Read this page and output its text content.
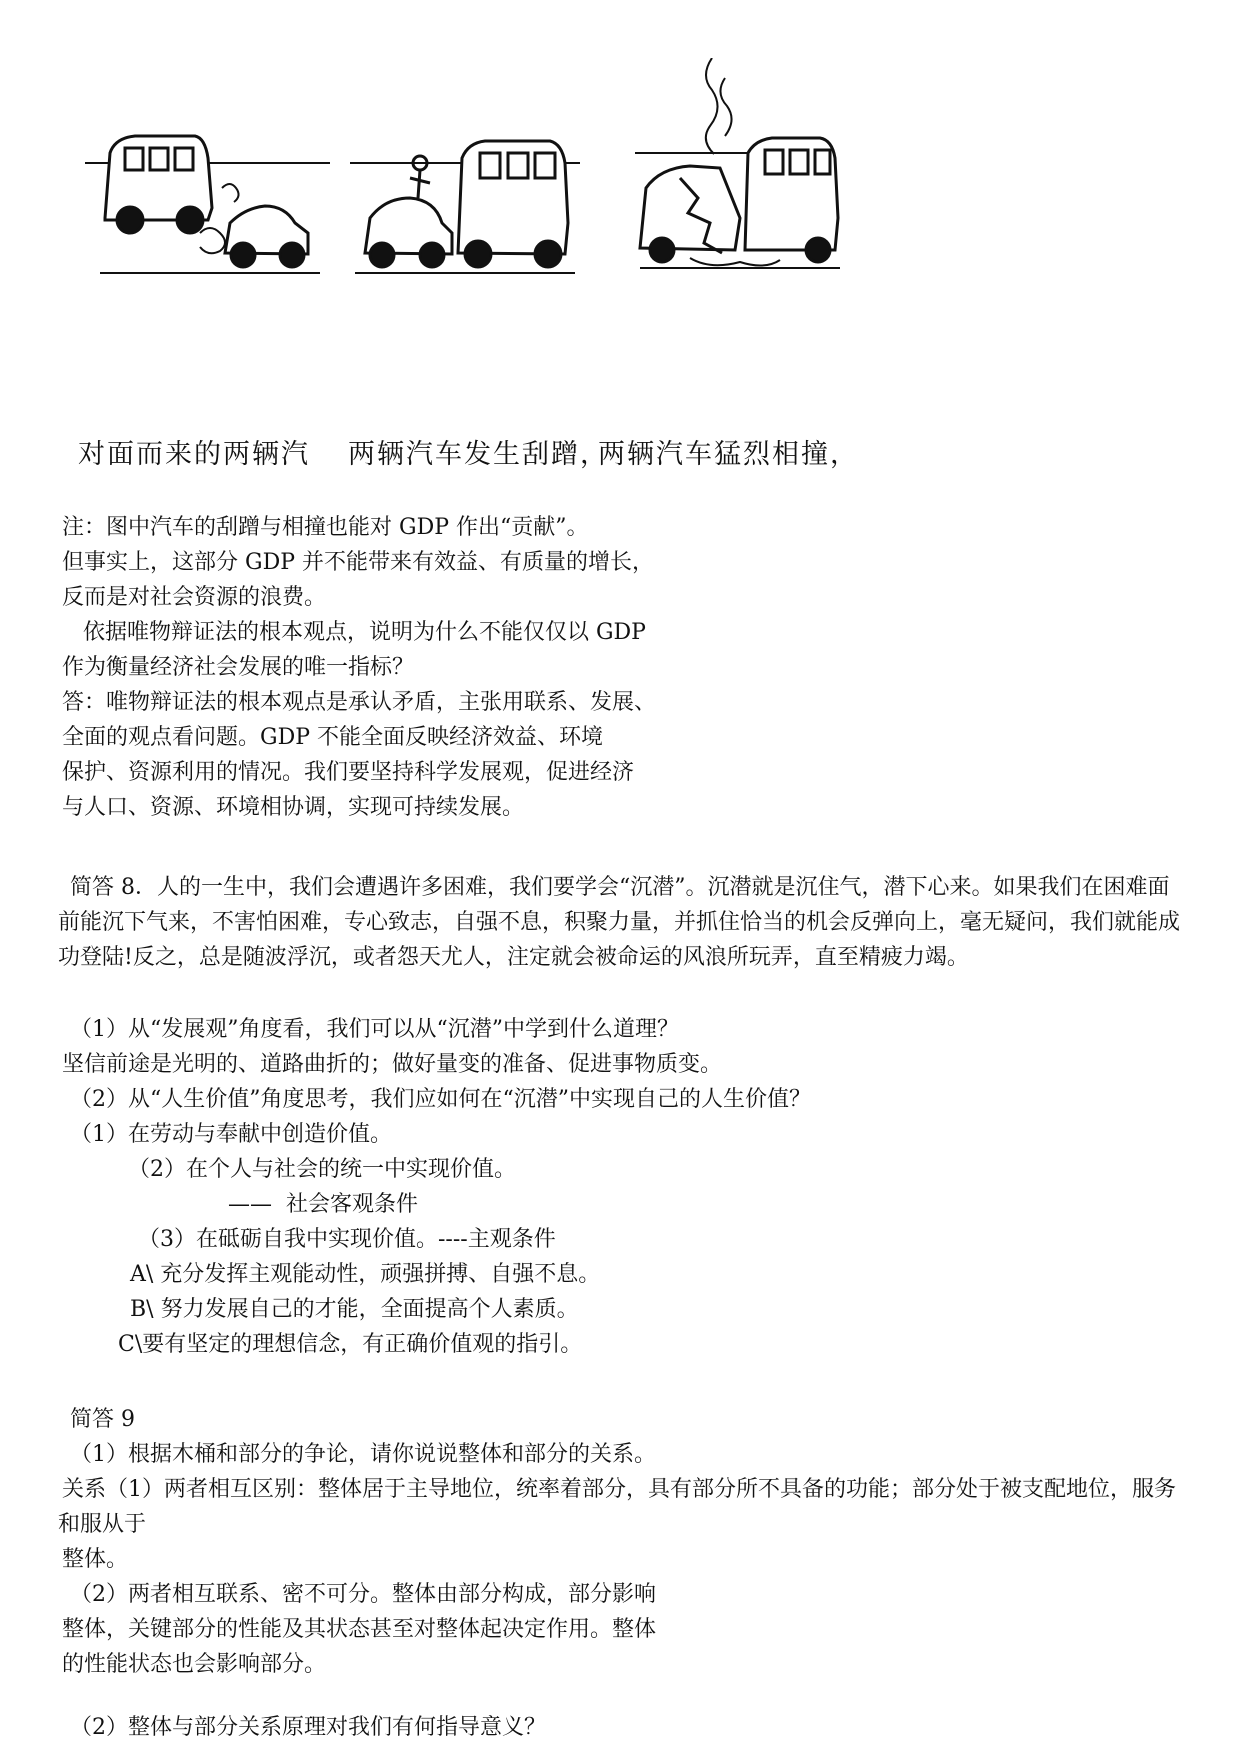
对面而来的两辆汽

两辆汽车发生刮蹭，

两辆汽车猛烈相撞，

注：图中汽车的刮蹭与相撞也能对 GDP 作出“贡献”。
但事实上，这部分 GDP 并不能带来有效益、有质量的增长，
反而是对社会资源的浪费。
依据唯物辩证法的根本观点，说明为什么不能仅仅以 GDP
作为衡量经济社会发展的唯一指标？
答：唯物辩证法的根本观点是承认矛盾，主张用联系、发展、
全面的观点看问题。GDP 不能全面反映经济效益、环境
保护、资源利用的情况。我们要坚持科学发展观，促进经济
与人口、资源、环境相协调，实现可持续发展。
简答 8．人的一生中，我们会遭遇许多困难，我们要学会“沉潜”。沉潜就是沉住气，潜下心来。如果我们在困难面前能沉下气来，不害怕困难，专心致志，自强不息，积聚力量，并抓住恰当的机会反弹向上，毫无疑问，我们就能成功登陆!反之，总是随波浮沉，或者怨天尤人，注定就会被命运的风浪所玩弄，直至精疲力竭。
（1）从“发展观”角度看，我们可以从“沉潜”中学到什么道理？
坚信前途是光明的、道路曲折的；做好量变的准备、促进事物质变。
（2）从“人生价值”角度思考，我们应如何在“沉潜”中实现自己的人生价值？
（1）在劳动与奉献中创造价值。
（2）在个人与社会的统一中实现价值。
——  社会客观条件
（3）在砥砺自我中实现价值。----主观条件
A\ 充分发挥主观能动性，顽强拼搏、自强不息。
B\ 努力发展自己的才能，全面提高个人素质。
C\要有坚定的理想信念，有正确价值观的指引。
简答 9
（1）根据木桶和部分的争论，请你说说整体和部分的关系。
关系（1）两者相互区别：整体居于主导地位，统率着部分，具有部分所不具备的功能；部分处于被支配地位，服务和服从于
整体。
（2）两者相互联系、密不可分。整体由部分构成，部分影响
整体，关键部分的性能及其状态甚至对整体起决定作用。整体
的性能状态也会影响部分。
（2）整体与部分关系原理对我们有何指导意义？
